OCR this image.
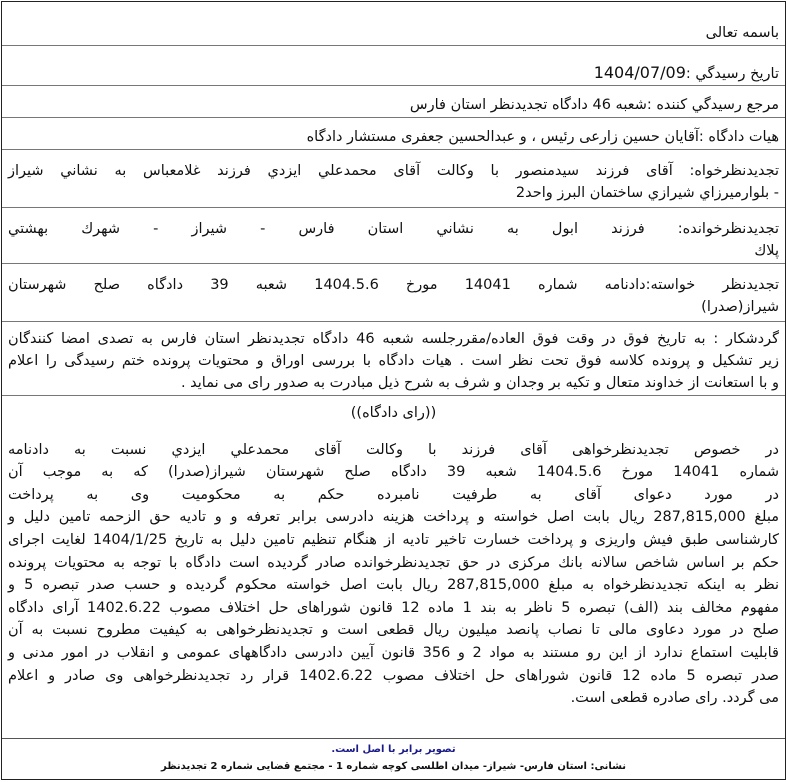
باسمه تعالی
تاريخ رسيدگي :1404/07/09
مرجع رسيدگي كننده :شعبه 46 دادگاه تجديدنظر استان فارس
هيات دادگاه :آقايان حسين زارعى رئيس ، و عبدالحسين جعفرى مستشار دادگاه
تجديدنظرخواه: آقای فرزند سیدمنصور با وكالت آقاى محمدعلي ايزدي فرزند غلامعباس به نشاني شيراز
- بلوارميرزاي شيرازي ساختمان البرز واحد2
تجديدنظرخوانده: فرزند ابول به نشاني استان فارس - شيراز - شهرك بهشتي
پلاك
تجديدنظر خواسته:دادنامه شماره 14041 مورخ 1404.5.6 شعبه 39 دادگاه صلح شهرستان
شيراز(صدرا)
گردشكار : به تاريخ فوق در وقت فوق العاده/مقررجلسه شعبه 46 دادگاه تجديدنظر استان فارس به تصدى امضا كنندگان
زير تشكيل و پرونده كلاسه فوق تحت نظر است . هيات دادگاه با بررسى اوراق و محتويات پرونده ختم رسيدگى را اعلام
و با استعانت از خداوند متعال و تكيه بر وجدان و شرف به شرح ذيل مبادرت به صدور راى مى نمايد .
((راى دادگاه))
در خصوص تجديدنظرخواهى آقاى فرزند با وكالت آقاى محمدعلي ايزدي نسبت به دادنامه
شماره 14041 مورخ 1404.5.6 شعبه 39 دادگاه صلح شهرستان شيراز(صدرا) كه به موجب آن
در مورد دعواى آقاى به طرفيت نامبرده حكم به محكوميت وى به پرداخت
مبلغ 287,815,000 ريال بابت اصل خواسته و پرداخت هزينه دادرسى برابر تعرفه و و تاديه حق الزحمه تامين دليل و
كارشناسى طبق فيش واريزى و پرداخت خسارت تاخير تاديه از هنگام تنظيم تامين دليل به تاريخ 1404/1/25 لغايت اجراى
حكم بر اساس شاخص سالانه بانك مركزى در حق تجديدنظرخوانده صادر گرديده است دادگاه با توجه به محتويات پرونده
نظر به اينكه تجديدنظرخواه به مبلغ 287,815,000 ريال بابت اصل خواسته محكوم گرديده و حسب صدر تبصره 5 و
مفهوم مخالف بند (الف) تبصره 5 ناظر به بند 1 ماده 12 قانون شوراهاى حل اختلاف مصوب 1402.6.22 آراى دادگاه
صلح در مورد دعاوى مالى تا نصاب پانصد ميليون ريال قطعى است و تجديدنظرخواهى به كيفيت مطروح نسبت به آن
قابليت استماع ندارد از اين رو مستند به مواد 2 و 356 قانون آيين دادرسى دادگاههاى عمومى و انقلاب در امور مدنى و
صدر تبصره 5 ماده 12 قانون شوراهاى حل اختلاف مصوب 1402.6.22 قرار رد تجديدنظرخواهى وى صادر و اعلام
مى گردد. راى صادره قطعى است.
تصوير برابر با اصل است.
نشانى: استان فارس- شيراز- ميدان اطلسى كوچه شماره 1 - مجتمع قضايى شماره 2 تجديدنظر
